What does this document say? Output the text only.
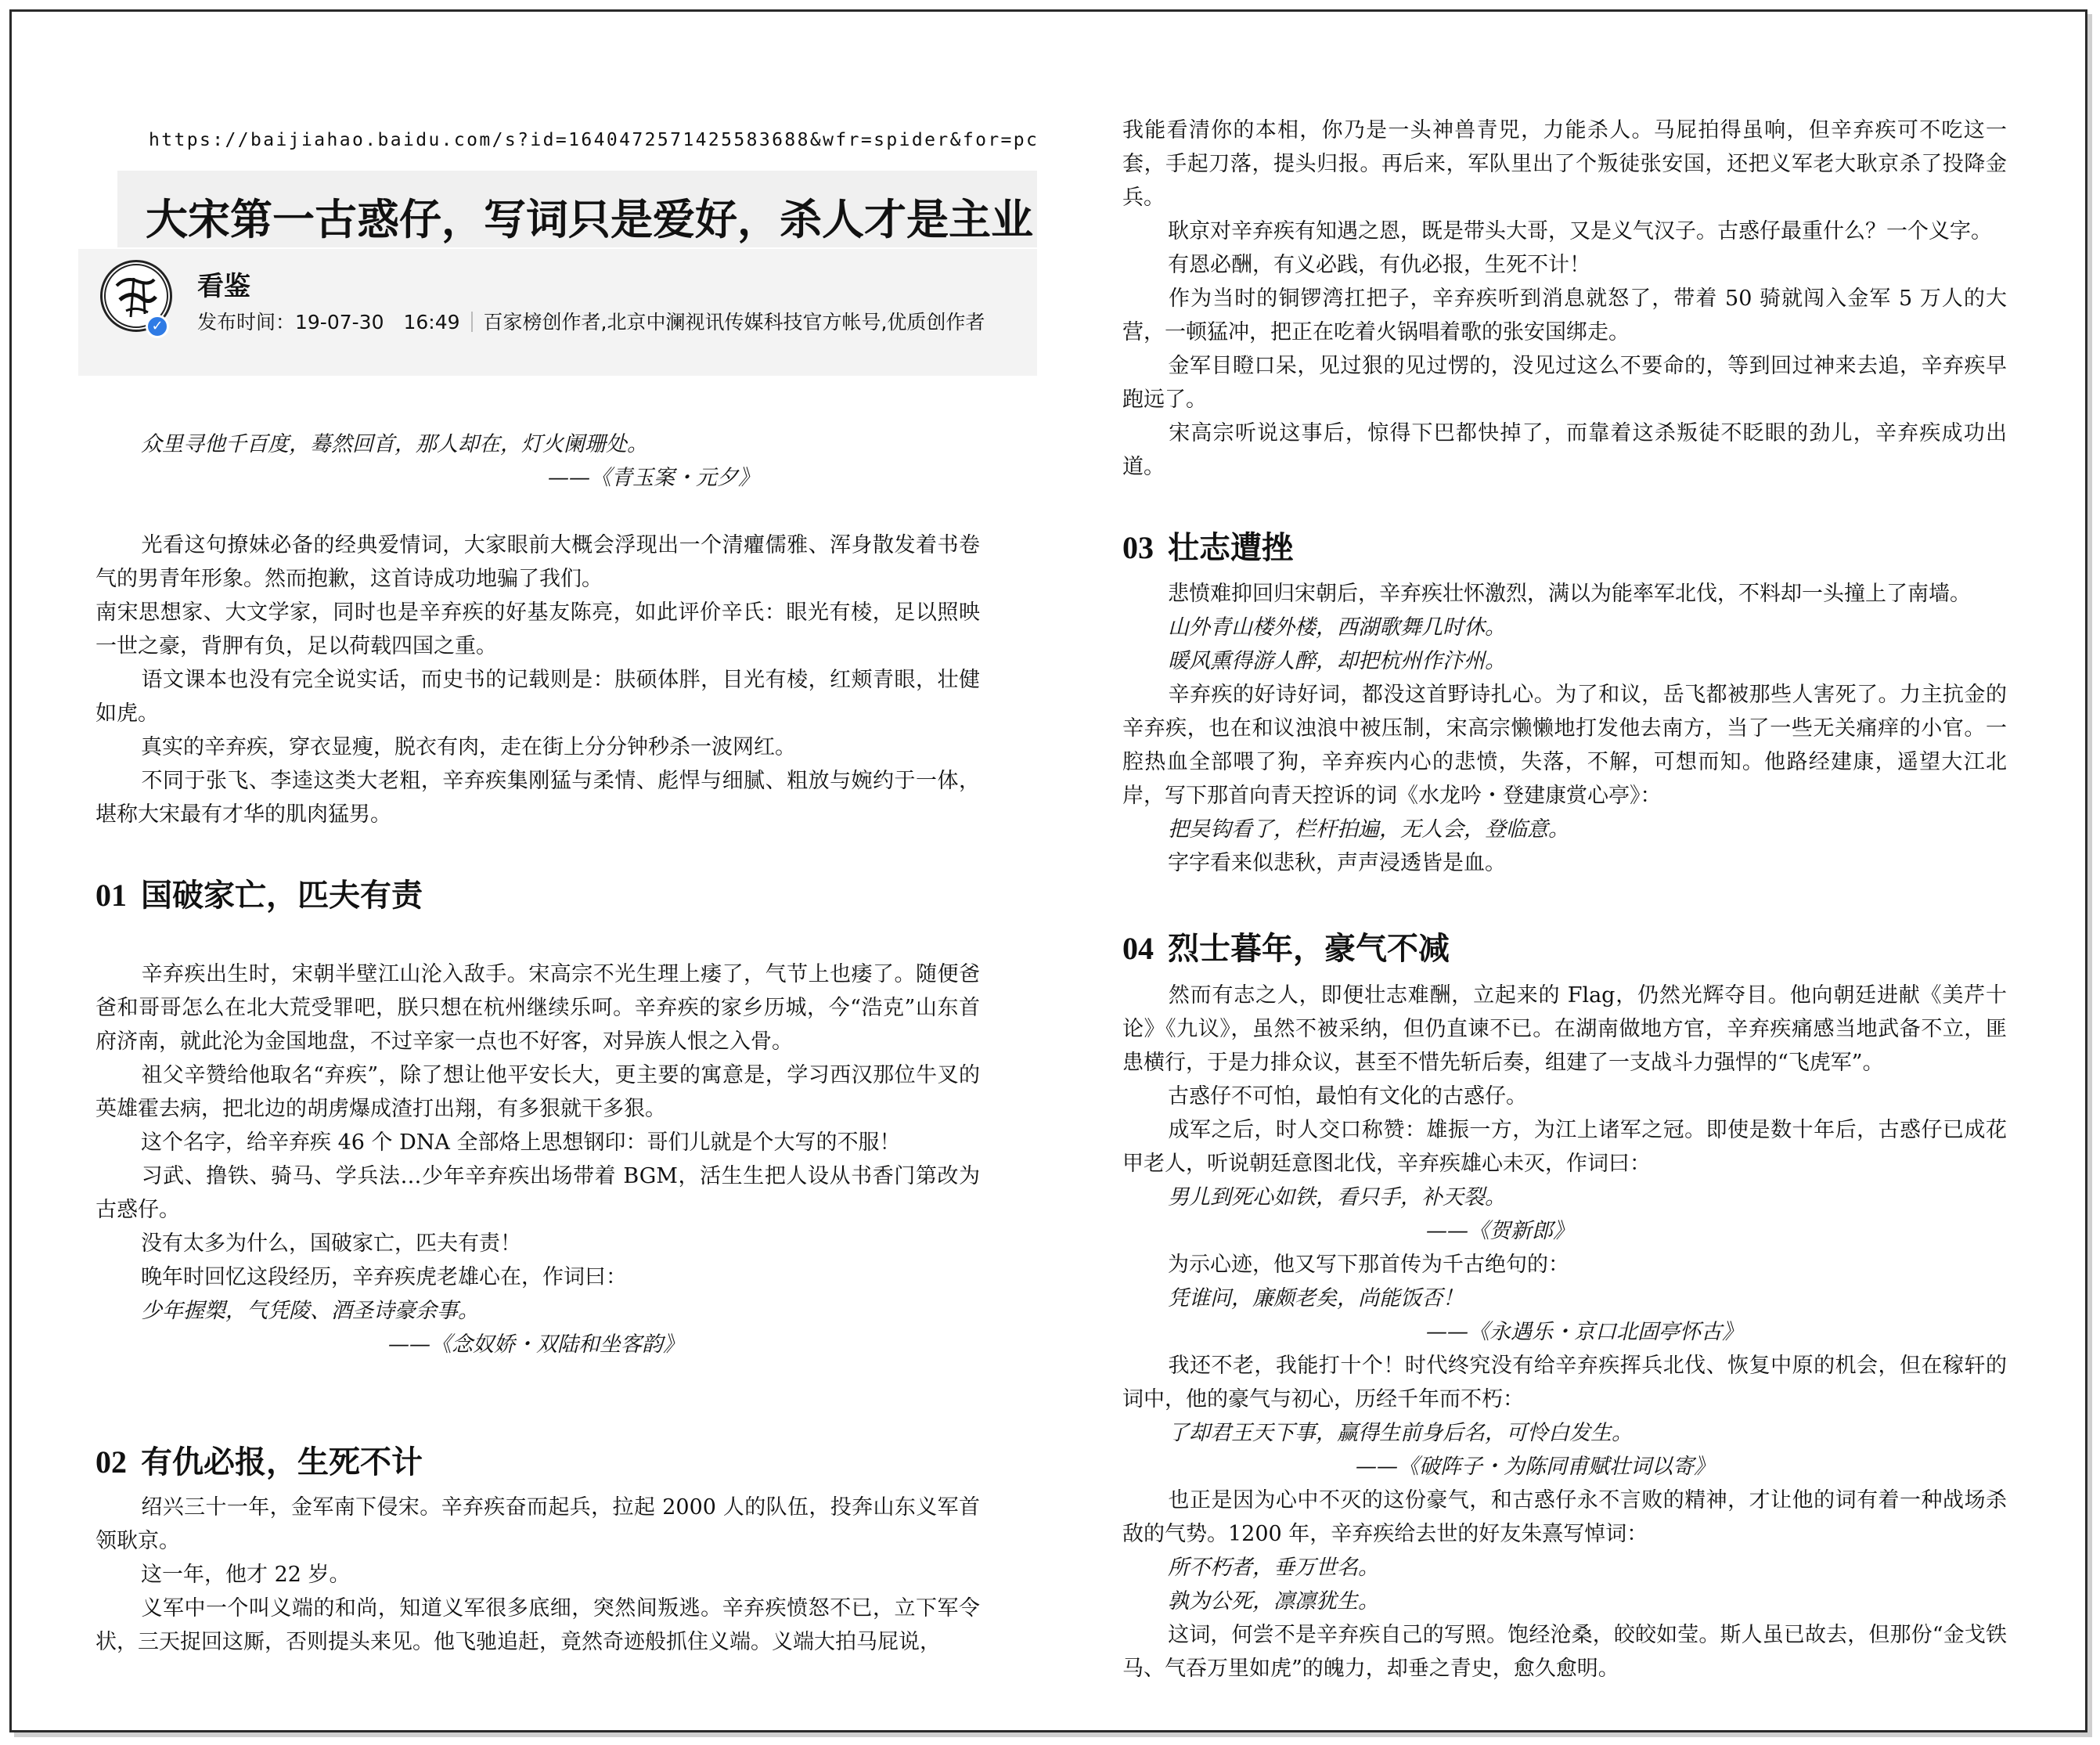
https://baijiahao.baidu.com/s?id=1640472571425583688&wfr=spider&for=pc
大宋第一古惑仔，写词只是爱好，杀人才是主业
✓
看鉴
发布时间：19-07-30　16:49 百家榜创作者,北京中澜视讯传媒科技官方帐号,优质创作者
众里寻他千百度，蓦然回首，那人却在，灯火阑珊处。
——《青玉案・元夕》
光看这句撩妹必备的经典爱情词，大家眼前大概会浮现出一个清癯儒雅、浑身散发着书卷气的男青年形象。然而抱歉，这首诗成功地骗了我们。
南宋思想家、大文学家，同时也是辛弃疾的好基友陈亮，如此评价辛氏：眼光有棱，足以照映一世之豪，背胛有负，足以荷载四国之重。
语文课本也没有完全说实话，而史书的记载则是：肤硕体胖，目光有棱，红颊青眼，壮健如虎。
真实的辛弃疾，穿衣显瘦，脱衣有肉，走在街上分分钟秒杀一波网红。
不同于张飞、李逵这类大老粗，辛弃疾集刚猛与柔情、彪悍与细腻、粗放与婉约于一体，堪称大宋最有才华的肌肉猛男。
01 国破家亡，匹夫有责
辛弃疾出生时，宋朝半壁江山沦入敌手。宋高宗不光生理上痿了，气节上也痿了。随便爸爸和哥哥怎么在北大荒受罪吧，朕只想在杭州继续乐呵。辛弃疾的家乡历城，今“浩克”山东首府济南，就此沦为金国地盘，不过辛家一点也不好客，对异族人恨之入骨。
祖父辛赞给他取名“弃疾”，除了想让他平安长大，更主要的寓意是，学习西汉那位牛叉的英雄霍去病，把北边的胡虏爆成渣打出翔，有多狠就干多狠。
这个名字，给辛弃疾 46 个 DNA 全部烙上思想钢印：哥们儿就是个大写的不服！
习武、撸铁、骑马、学兵法…少年辛弃疾出场带着 BGM，活生生把人设从书香门第改为古惑仔。
没有太多为什么，国破家亡，匹夫有责！
晚年时回忆这段经历，辛弃疾虎老雄心在，作词曰：
少年握槊，气凭陵、酒圣诗豪余事。
——《念奴娇・双陆和坐客韵》
02 有仇必报，生死不计
绍兴三十一年，金军南下侵宋。辛弃疾奋而起兵，拉起 2000 人的队伍，投奔山东义军首领耿京。
这一年，他才 22 岁。
义军中一个叫义端的和尚，知道义军很多底细，突然间叛逃。辛弃疾愤怒不已，立下军令状，三天捉回这厮，否则提头来见。他飞驰追赶，竟然奇迹般抓住义端。义端大拍马屁说，
我能看清你的本相，你乃是一头神兽青兕，力能杀人。马屁拍得虽响，但辛弃疾可不吃这一套，手起刀落，提头归报。再后来，军队里出了个叛徒张安国，还把义军老大耿京杀了投降金兵。
耿京对辛弃疾有知遇之恩，既是带头大哥，又是义气汉子。古惑仔最重什么？一个义字。
有恩必酬，有义必践，有仇必报，生死不计！
作为当时的铜锣湾扛把子，辛弃疾听到消息就怒了，带着 50 骑就闯入金军 5 万人的大营，一顿猛冲，把正在吃着火锅唱着歌的张安国绑走。
金军目瞪口呆，见过狠的见过愣的，没见过这么不要命的，等到回过神来去追，辛弃疾早跑远了。
宋高宗听说这事后，惊得下巴都快掉了，而靠着这杀叛徒不眨眼的劲儿，辛弃疾成功出道。
03 壮志遭挫
悲愤难抑回归宋朝后，辛弃疾壮怀激烈，满以为能率军北伐，不料却一头撞上了南墙。
山外青山楼外楼，西湖歌舞几时休。
暖风熏得游人醉，却把杭州作汴州。
辛弃疾的好诗好词，都没这首野诗扎心。为了和议，岳飞都被那些人害死了。力主抗金的辛弃疾，也在和议浊浪中被压制，宋高宗懒懒地打发他去南方，当了一些无关痛痒的小官。一腔热血全部喂了狗，辛弃疾内心的悲愤，失落，不解，可想而知。他路经建康，遥望大江北岸，写下那首向青天控诉的词《水龙吟・登建康赏心亭》：
把吴钩看了，栏杆拍遍，无人会，登临意。
字字看来似悲秋，声声浸透皆是血。
04 烈士暮年，豪气不减
然而有志之人，即便壮志难酬，立起来的 Flag，仍然光辉夺目。他向朝廷进献《美芹十论》《九议》，虽然不被采纳，但仍直谏不已。在湖南做地方官，辛弃疾痛感当地武备不立，匪患横行，于是力排众议，甚至不惜先斩后奏，组建了一支战斗力强悍的“飞虎军”。
古惑仔不可怕，最怕有文化的古惑仔。
成军之后，时人交口称赞：雄振一方，为江上诸军之冠。即使是数十年后，古惑仔已成花甲老人，听说朝廷意图北伐，辛弃疾雄心未灭，作词曰：
男儿到死心如铁，看只手，补天裂。
——《贺新郎》
为示心迹，他又写下那首传为千古绝句的：
凭谁问，廉颇老矣，尚能饭否！
——《永遇乐・京口北固亭怀古》
我还不老，我能打十个！时代终究没有给辛弃疾挥兵北伐、恢复中原的机会，但在稼轩的词中，他的豪气与初心，历经千年而不朽：
了却君王天下事，赢得生前身后名，可怜白发生。
——《破阵子・为陈同甫赋壮词以寄》
也正是因为心中不灭的这份豪气，和古惑仔永不言败的精神，才让他的词有着一种战场杀敌的气势。1200 年，辛弃疾给去世的好友朱熹写悼词：
所不朽者，垂万世名。
孰为公死，凛凛犹生。
这词，何尝不是辛弃疾自己的写照。饱经沧桑，皎皎如莹。斯人虽已故去，但那份“金戈铁马、气吞万里如虎”的魄力，却垂之青史，愈久愈明。
